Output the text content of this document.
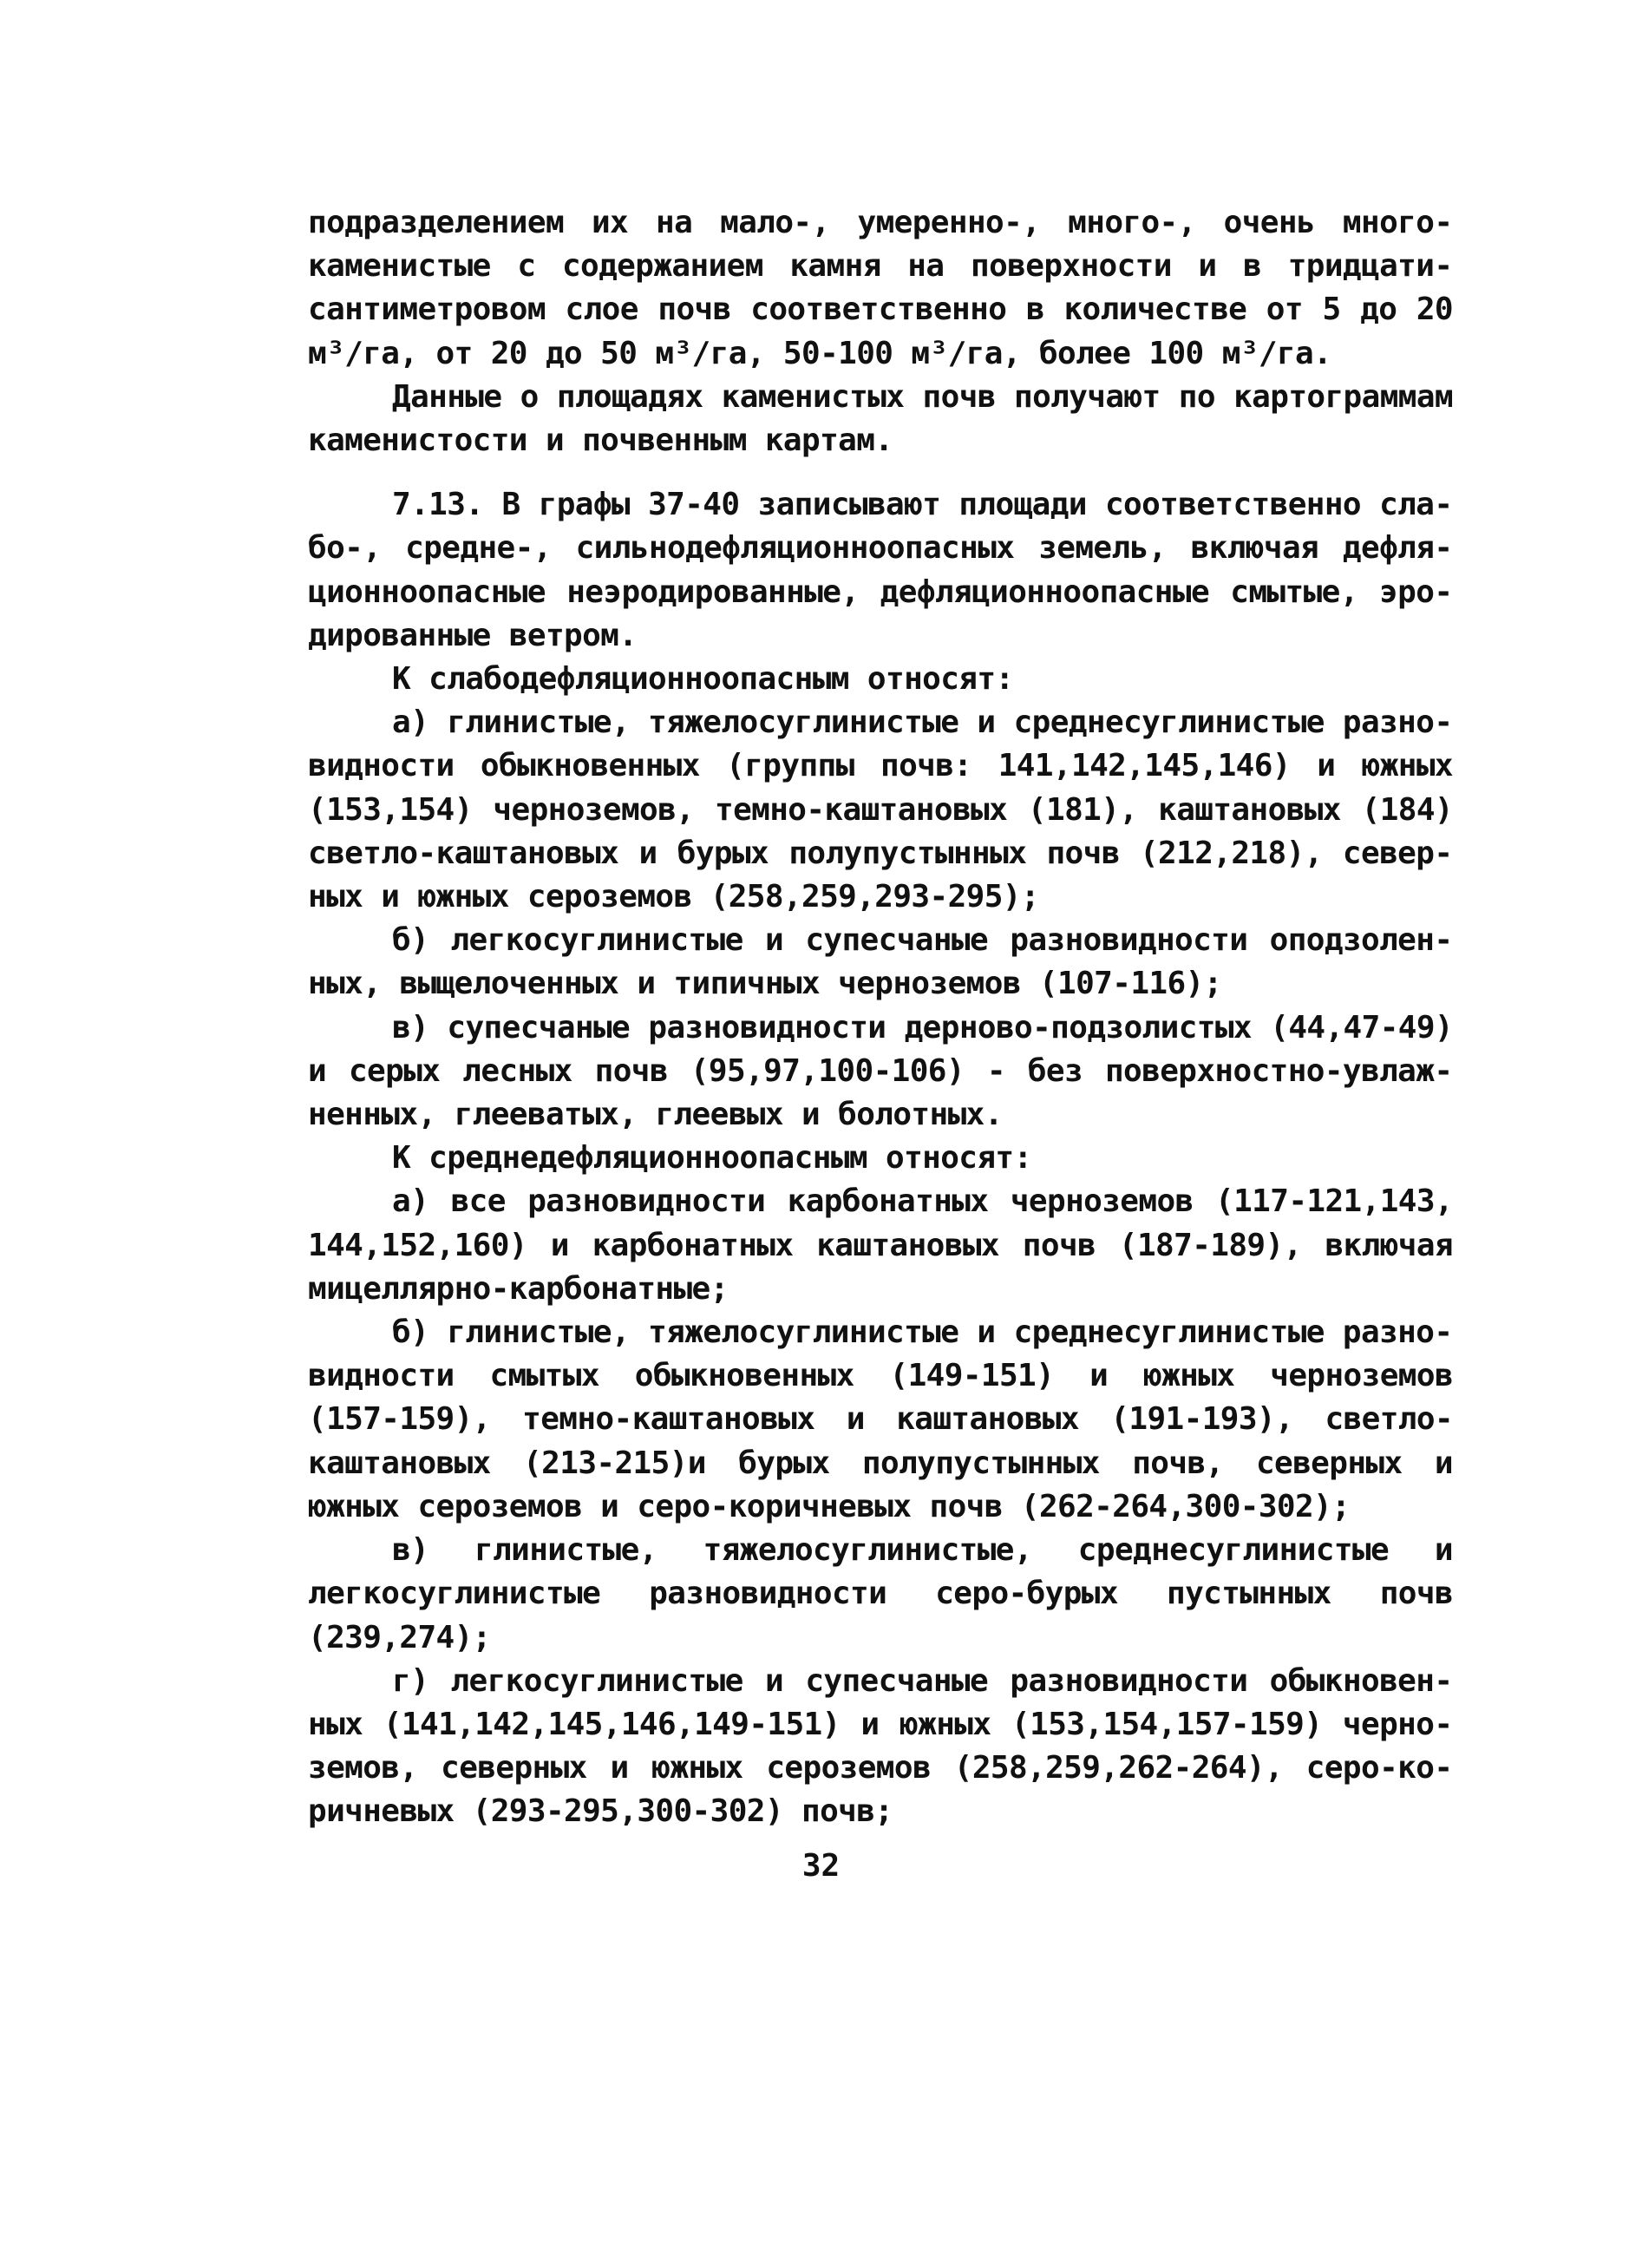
подразделением их на мало-, умеренно-, много-, очень многокаменистые с содержанием камня на поверхности и в тридцатисантиметровом слое почв соответственно в количестве от 5 до 20 м³/га, от 20 до 50 м³/га, 50-100 м³/га, более 100 м³/га.

Данные о площадях каменистых почв получают по картограммам каменистости и почвенным картам.

7.13. В графы 37-40 записывают площади соответственно слабо-, средне-, сильнодефляционноопасных земель, включая дефляционноопасные неэродированные, дефляционноопасные смытые, эродированные ветром.

К слабодефляционноопасным относят:

а) глинистые, тяжелосуглинистые и среднесуглинистые разновидности обыкновенных (группы почв: 141,142,145,146) и южных (153,154) черноземов, темно-каштановых (181), каштановых (184) светло-каштановых и бурых полупустынных почв (212,218), северных и южных сероземов (258,259,293-295);

б) легкосуглинистые и супесчаные разновидности оподзоленных, выщелоченных и типичных черноземов (107-116);

в) супесчаные разновидности дерново-подзолистых (44,47-49) и серых лесных почв (95,97,100-106) - без поверхностно-увлажненных, глееватых, глеевых и болотных.

К среднедефляционноопасным относят:

а) все разновидности карбонатных черноземов (117-121,143, 144,152,160) и карбонатных каштановых почв (187-189), включая мицеллярно-карбонатные;

б) глинистые, тяжелосуглинистые и среднесуглинистые разновидности смытых обыкновенных (149-151) и южных черноземов (157-159), темно-каштановых и каштановых (191-193), светло-каштановых (213-215)и бурых полупустынных почв, северных и южных сероземов и серо-коричневых почв (262-264,300-302);

в) глинистые, тяжелосуглинистые, среднесуглинистые и легкосуглинистые разновидности серо-бурых пустынных почв (239,274);

г) легкосуглинистые и супесчаные разновидности обыкновенных (141,142,145,146,149-151) и южных (153,154,157-159) черноземов, северных и южных сероземов (258,259,262-264), серо-коричневых (293-295,300-302) почв;

32
